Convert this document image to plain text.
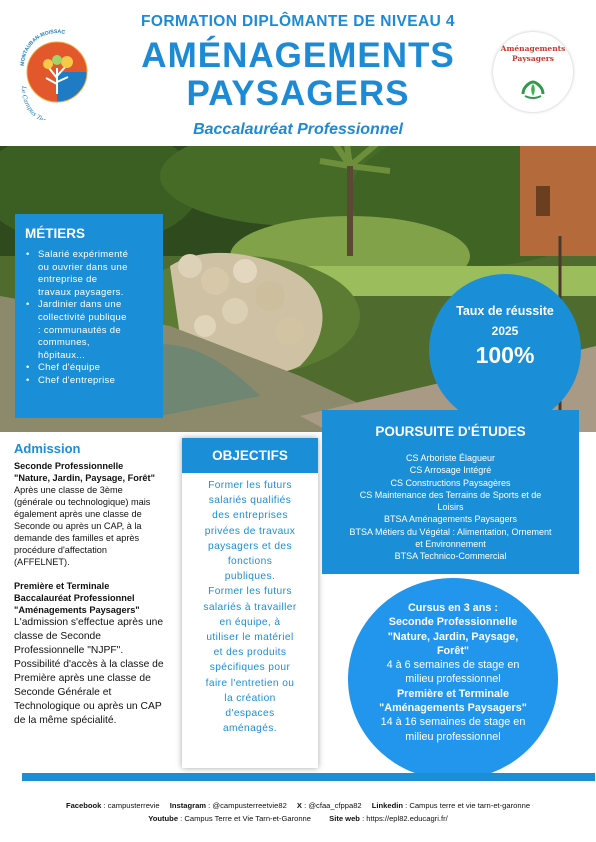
MONTAUBAN-MOISSAC
Le Campus Te
FORMATION DIPLÔMANTE DE NIVEAU 4
AMÉNAGEMENTS
PAYSAGERS
Baccalauréat Professionnel
Aménagements
Paysagers
MÉTIERS
• Salarié expérimenté
ou ouvrier dans une
entreprise de
travaux paysagers.
• Jardinier dans une
collectivité publique
: communautés de
communes,
hôpitaux...
• Chef d'équipe
• Chef d'entreprise
Taux de réussite
2025
100%
Admission
Seconde Professionnelle
"Nature, Jardin, Paysage, Forêt"
Après une classe de 3ème
(générale ou technologique) mais
également après une classe de
Seconde ou après un CAP, à la
demande des familles et après
procédure d'affectation
(AFFELNET).
Première et Terminale
Baccalauréat Professionnel
"Aménagements Paysagers"
L'admission s'effectue après une
classe de Seconde
Professionnelle "NJPF".
Possibilité d'accès à la classe de
Première après une classe de
Seconde Générale et
Technologique ou après un CAP
de la même spécialité.
OBJECTIFS
Former les futurs
salariés qualifiés
des entreprises
privées de travaux
paysagers et des
fonctions
publiques.
Former les futurs
salariés à travailler
en équipe, à
utiliser le matériel
et des produits
spécifiques pour
faire l'entretien ou
la création
d'espaces
aménagés.
POURSUITE D'ÉTUDES
CS Arboriste Élagueur
CS Arrosage Intégré
CS Constructions Paysagères
CS Maintenance des Terrains de Sports et de
Loisirs
BTSA Aménagements Paysagers
BTSA Métiers du Végétal : Alimentation, Ornement
et Environnement
BTSA Technico-Commercial
Cursus en 3 ans :
Seconde Professionnelle
"Nature, Jardin, Paysage,
Forêt"
4 à 6 semaines de stage en
milieu professionnel
Première et Terminale
"Aménagements Paysagers"
14 à 16 semaines de stage en
milieu professionnel
Facebook : campusterrevie Instagram : @campusterreetvie82 X : @cfaa_cfppa82 Linkedin : Campus terre et vie tarn-et-garonne
Youtube : Campus Terre et Vie Tarn-et-Garonne Site web : https://epl82.educagri.fr/
